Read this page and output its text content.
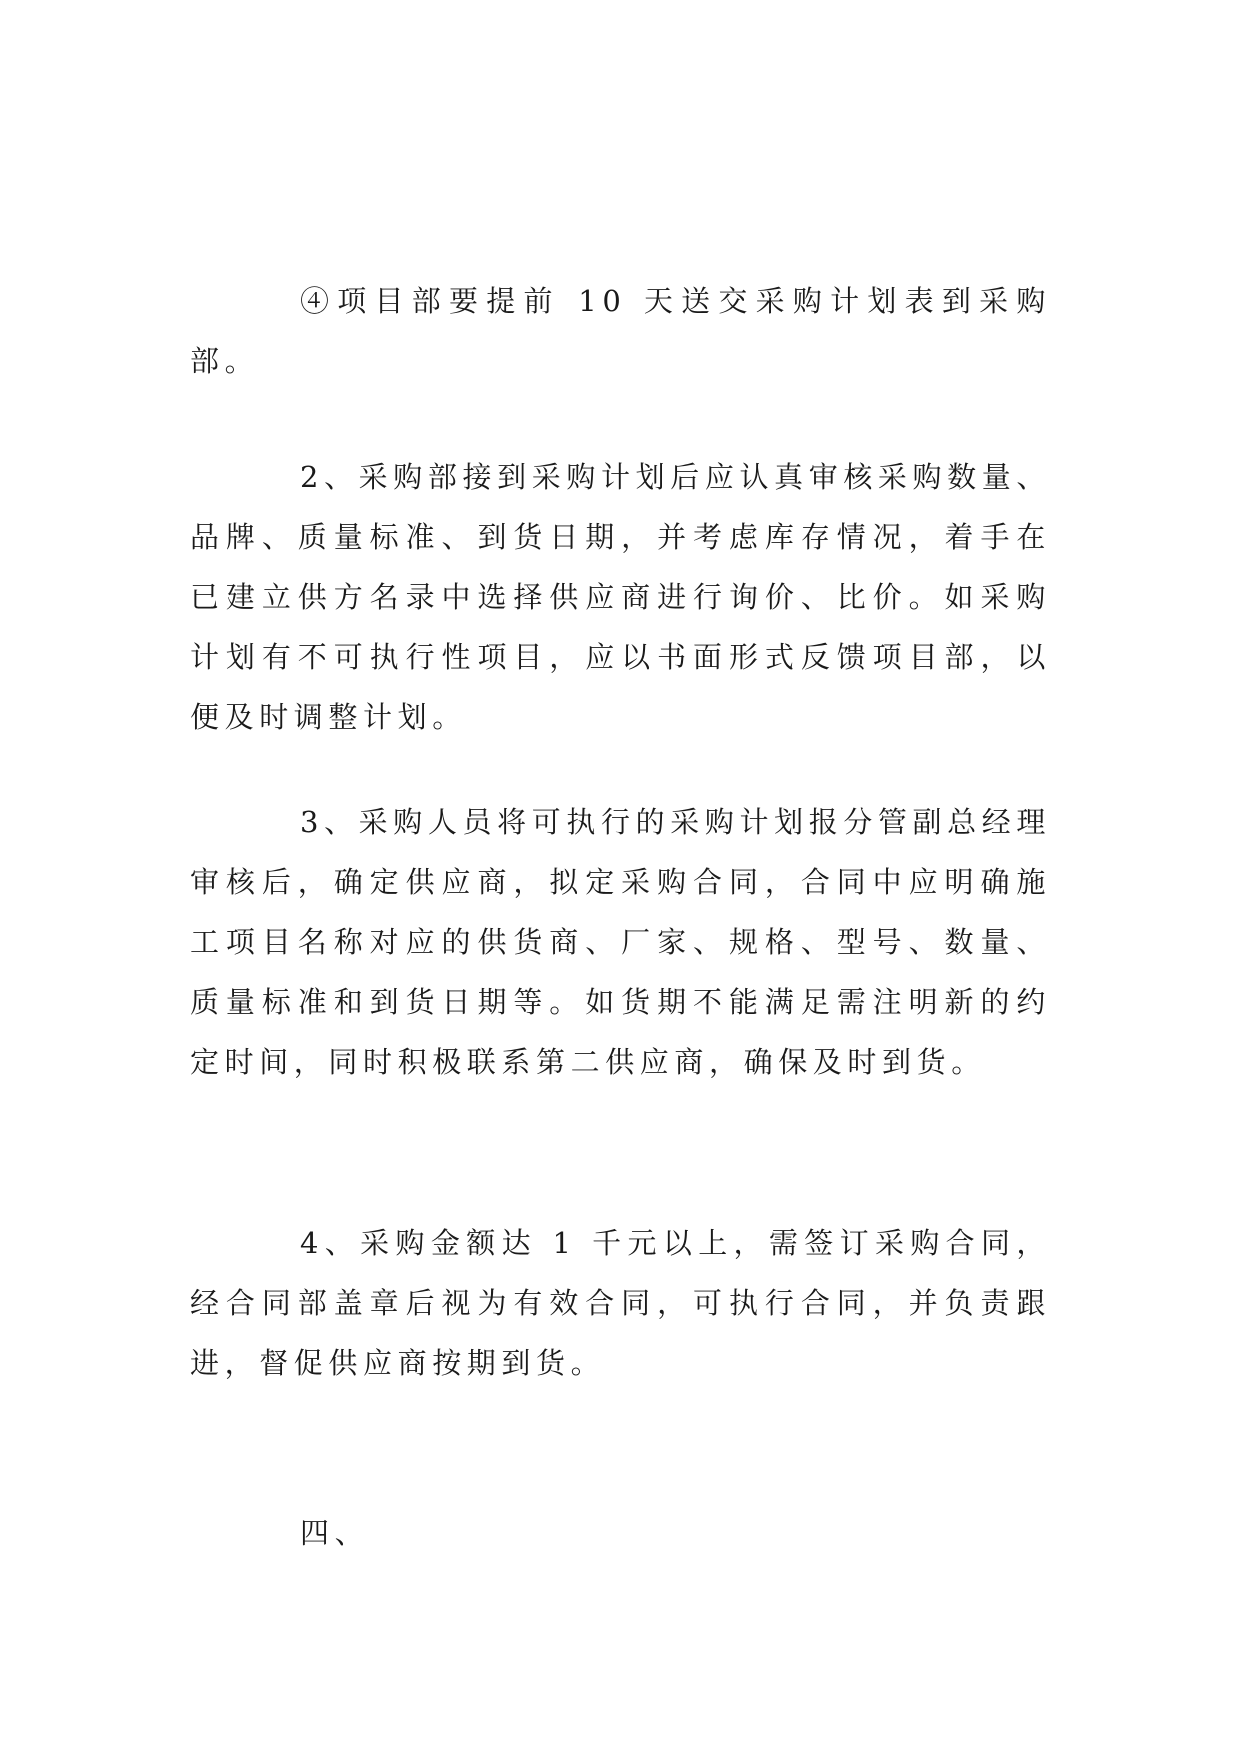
④项目部要提前 10 天送交采购计划表到采购部。

2、采购部接到采购计划后应认真审核采购数量、品牌、质量标准、到货日期，并考虑库存情况，着手在已建立供方名录中选择供应商进行询价、比价。如采购计划有不可执行性项目，应以书面形式反馈项目部，以便及时调整计划。

3、采购人员将可执行的采购计划报分管副总经理审核后，确定供应商，拟定采购合同，合同中应明确施工项目名称对应的供货商、厂家、规格、型号、数量、质量标准和到货日期等。如货期不能满足需注明新的约定时间，同时积极联系第二供应商，确保及时到货。

4、采购金额达 1 千元以上，需签订采购合同，经合同部盖章后视为有效合同，可执行合同，并负责跟进，督促供应商按期到货。

四、
